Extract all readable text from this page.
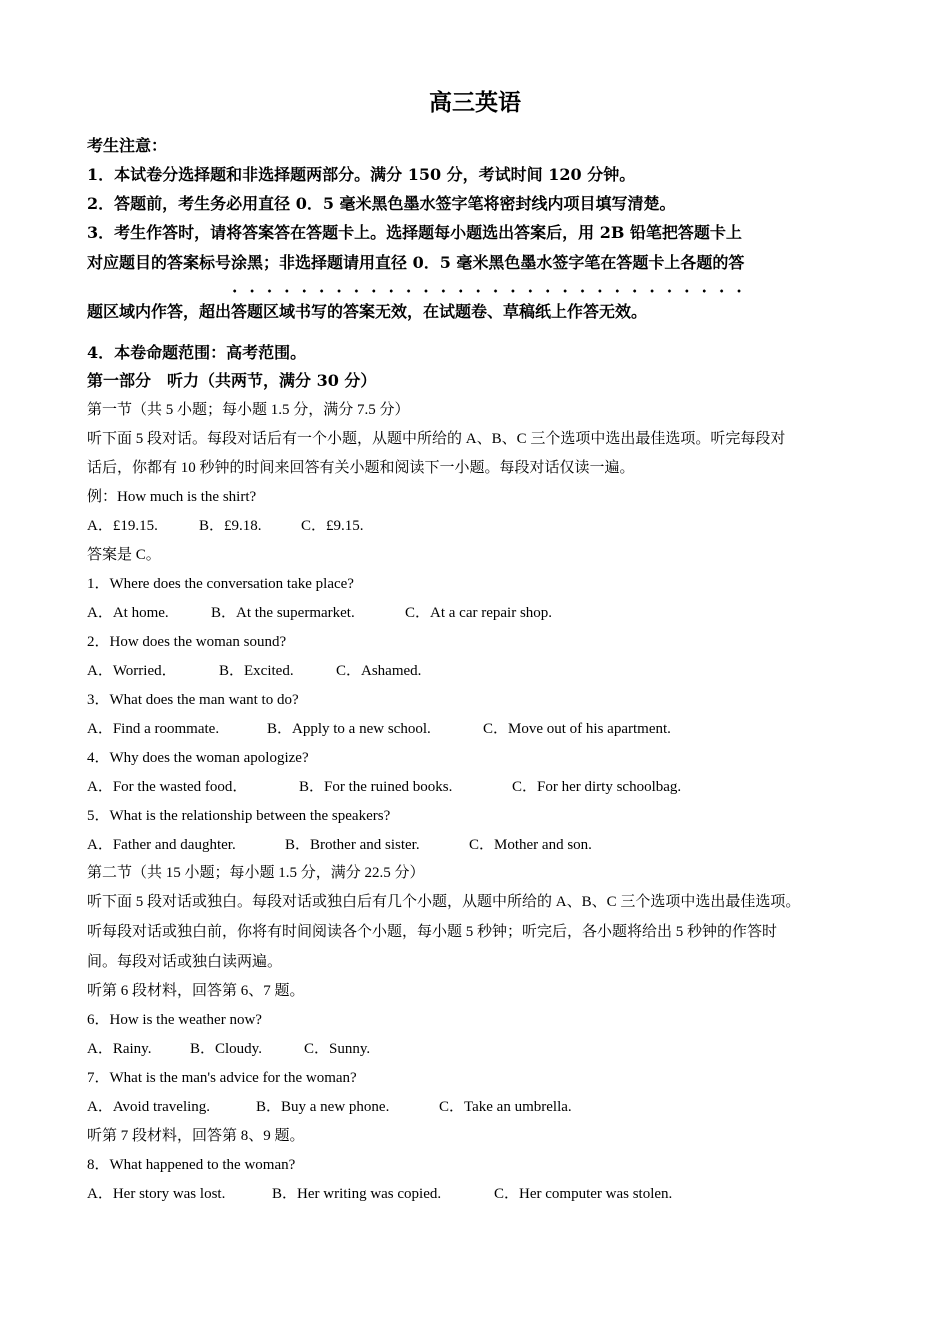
高三英语
考生注意：
1．本试卷分选择题和非选择题两部分。满分 150 分，考试时间 120 分钟。
2．答题前，考生务必用直径 0．5 毫米黑色墨水签字笔将密封线内项目填写清楚。
3．考生作答时，请将答案答在答题卡上。选择题每小题选出答案后，用 2B 铅笔把答题卡上
对应题目的答案标号涂黑；非选择题请用直径 0．5 毫米黑色墨水签字笔在答题卡上各题的答
题区域内作答，超出答题区域书写的答案无效，在试题卷、草稿纸上作答无效。
4．本卷命题范围：高考范围。
第一部分　听力（共两节，满分 30 分）
第一节（共 5 小题；每小题 1.5 分，满分 7.5 分）
听下面 5 段对话。每段对话后有一个小题，从题中所给的 A、B、C 三个选项中选出最佳选项。听完每段对
话后，你都有 10 秒钟的时间来回答有关小题和阅读下一小题。每段对话仅读一遍。
例：How much is the shirt?
A．£19.15.	B．£9.18.	C．£9.15.
答案是 C。
1．Where does the conversation take place?
A．At home.	B．At the supermarket.	C．At a car repair shop.
2．How does the woman sound?
A．Worried．	B．Excited.	C．Ashamed.
3．What does the man want to do?
A．Find a roommate.	B．Apply to a new school.	C．Move out of his apartment.
4．Why does the woman apologize?
A．For the wasted food．	B．For the ruined books.	C．For her dirty schoolbag.
5．What is the relationship between the speakers?
A．Father and daughter.	B．Brother and sister.	C．Mother and son.
第二节（共 15 小题；每小题 1.5 分，满分 22.5 分）
听下面 5 段对话或独白。每段对话或独白后有几个小题，从题中所给的 A、B、C 三个选项中选出最佳选项。
听每段对话或独白前，你将有时间阅读各个小题，每小题 5 秒钟；听完后，各小题将给出 5 秒钟的作答时
间。每段对话或独白读两遍。
听第 6 段材料，回答第 6、7 题。
6．How is the weather now?
A．Rainy.	B．Cloudy.	C．Sunny.
7．What is the man's advice for the woman?
A．Avoid traveling.	B．Buy a new phone.	C．Take an umbrella.
听第 7 段材料，回答第 8、9 题。
8．What happened to the woman?
A．Her story was lost.	B．Her writing was copied.	C．Her computer was stolen.
